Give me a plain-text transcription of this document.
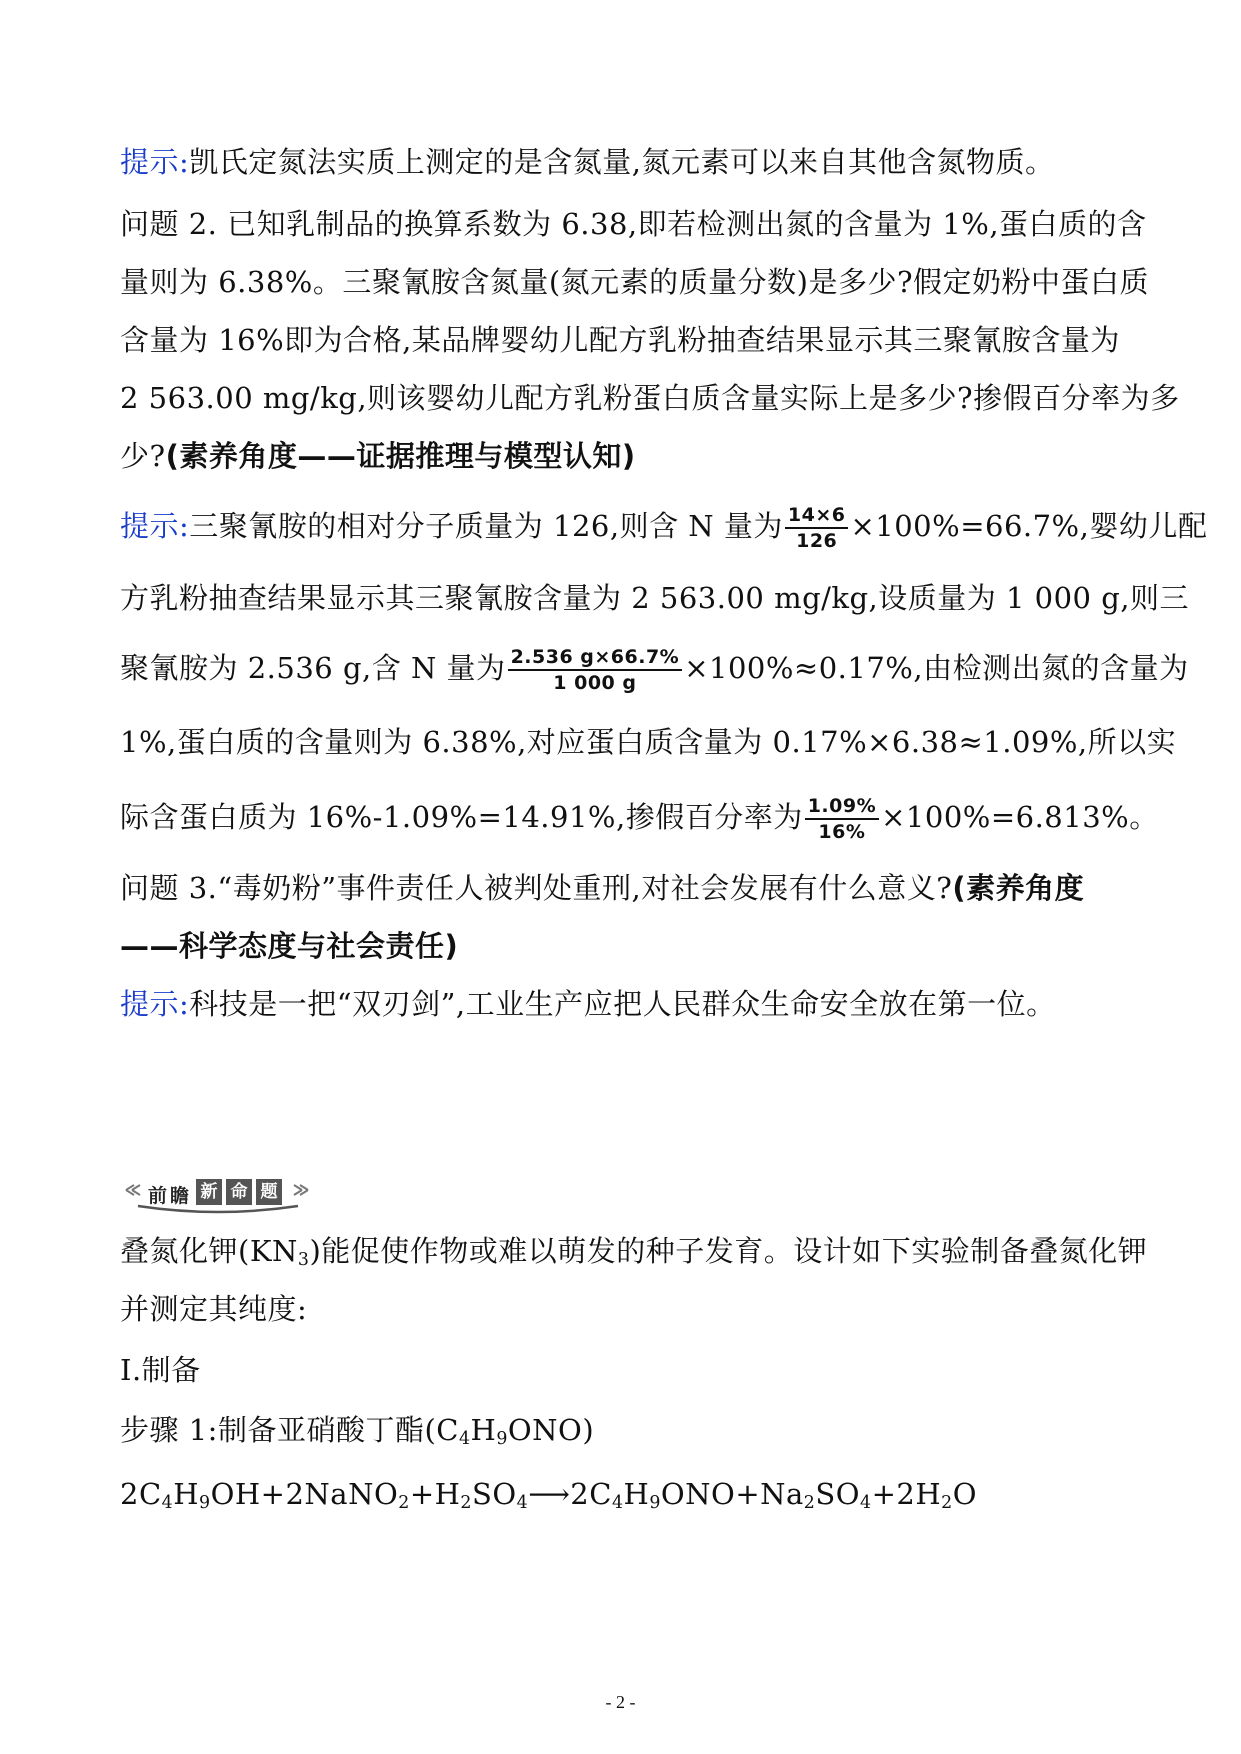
提示:凯氏定氮法实质上测定的是含氮量,氮元素可以来自其他含氮物质。
问题 2. 已知乳制品的换算系数为 6.38,即若检测出氮的含量为 1%,蛋白质的含
量则为 6.38%。三聚氰胺含氮量(氮元素的质量分数)是多少?假定奶粉中蛋白质
含量为 16%即为合格,某品牌婴幼儿配方乳粉抽查结果显示其三聚氰胺含量为
2 563.00 mg/kg,则该婴幼儿配方乳粉蛋白质含量实际上是多少?掺假百分率为多
少?(素养角度——证据推理与模型认知)
提示:三聚氰胺的相对分子质量为 126,则含 N 量为 $\frac{14\times 6}{126} \times 100\%=66.7\%$,婴幼儿配
方乳粉抽查结果显示其三聚氰胺含量为 2 563.00 mg/kg,设质量为 1 000 g,则三
聚氰胺为 2.536 g,含 N 量为 $\frac{2.536 g\times 66.7\%}{1 000 g} \times 100\%\approx 0.17\%$,由检测出氮的含量为
1%,蛋白质的含量则为 6.38%,对应蛋白质含量为 0.17%×6.38≈1.09%,所以实
际含蛋白质为 16%-1.09%=14.91%,掺假百分率为 $\frac{1.09\%}{16\%} \times 100\%=6.813\%$。
问题 3.“毒奶粉”事件责任人被判处重刑,对社会发展有什么意义?(素养角度
——科学态度与社会责任)
提示:科技是一把“双刃剑”,工业生产应把人民群众生命安全放在第一位。
前 瞻 新 命 题
叠氮化钾$(KN_3)$能促使作物或难以萌发的种子发育。设计如下实验制备叠氮化钾
并测定其纯度:
Ⅰ.制备
步骤 1:制备亚硝酸丁酯$(C_4H_9ONO)$
$2C_4H_9OH+2NaNO_2+H_2SO_4⟶2C_4H_9ONO+Na_2SO_4+2H_2O$
- 2 -
